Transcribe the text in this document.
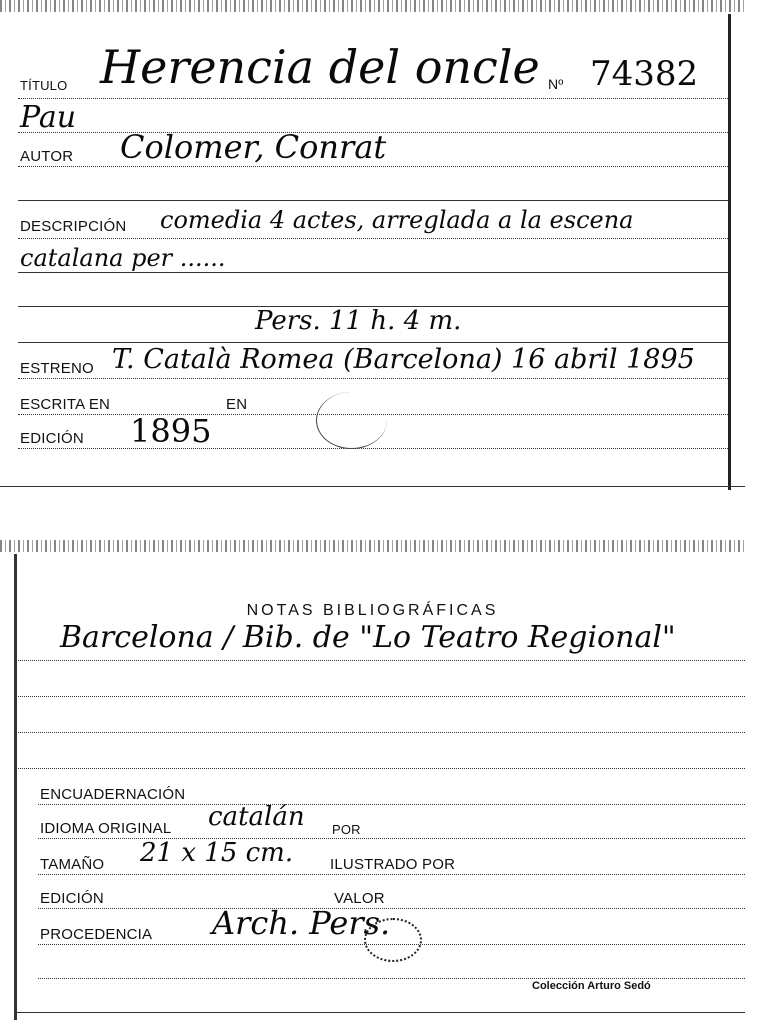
TÍTULO Herencia del oncle Nº 74382
Pau
AUTOR Colomer, Conrat
DESCRIPCIÓN comedia 4 actes, arreglada a la escena
catalana per ......
Pers. 11 h. 4 m.
ESTRENO T. Català Romea (Barcelona) 16 abril 1895
ESCRITA EN	EN
EDICIÓN 1895
NOTAS BIBLIOGRÁFICAS
Barcelona / Bib. de "Lo Teatro Regional"
ENCUADERNACIÓN
IDIOMA ORIGINAL catalán POR
TAMAÑO 21 x 15 cm. ILUSTRADO POR
EDICIÓN	VALOR
PROCEDENCIA Arch. Pers.
Colección Arturo Sedó
